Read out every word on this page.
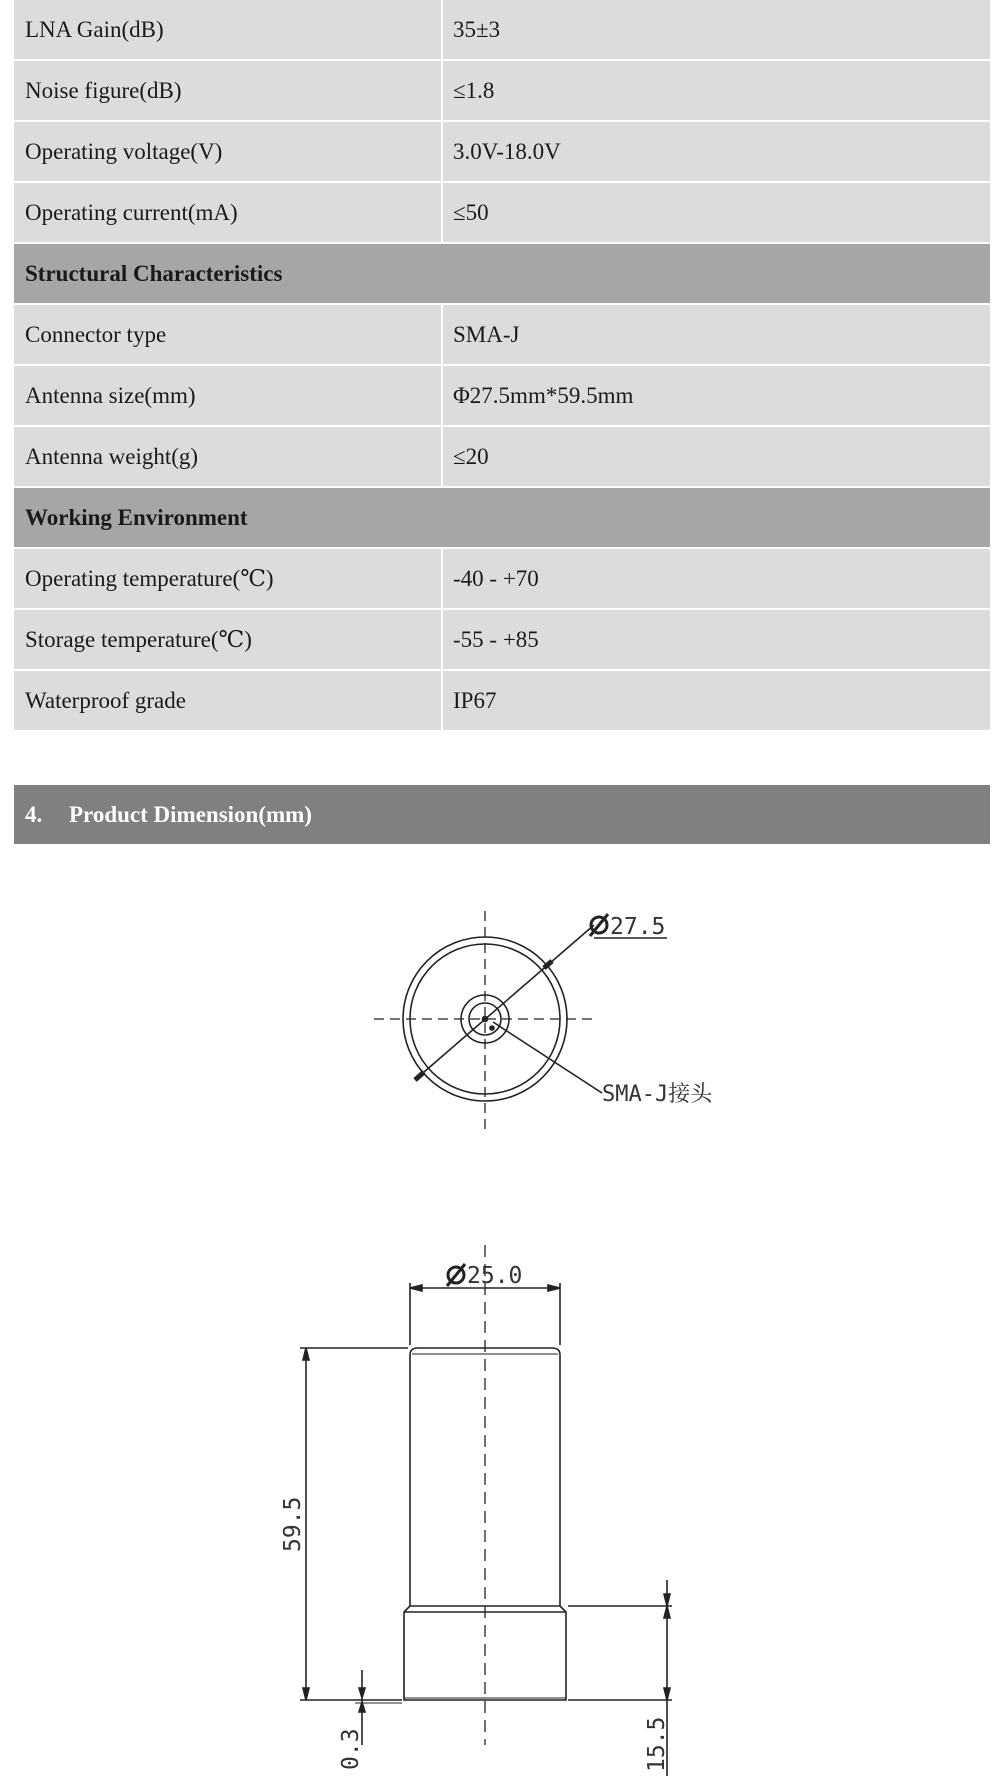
LNA Gain(dB)	35±3
Noise figure(dB)	≤1.8
Operating voltage(V)	3.0V-18.0V
Operating current(mA)	≤50
Structural Characteristics
Connector type	SMA-J
Antenna size(mm)	Φ27.5mm*59.5mm
Antenna weight(g)	≤20
Working Environment
Operating temperature(℃)	-40 - +70
Storage temperature(℃)	-55 - +85
Waterproof grade	IP67
4.	Product Dimension(mm)
27.5
SMA-J接头
25.0
59.5
0.3	15.5
